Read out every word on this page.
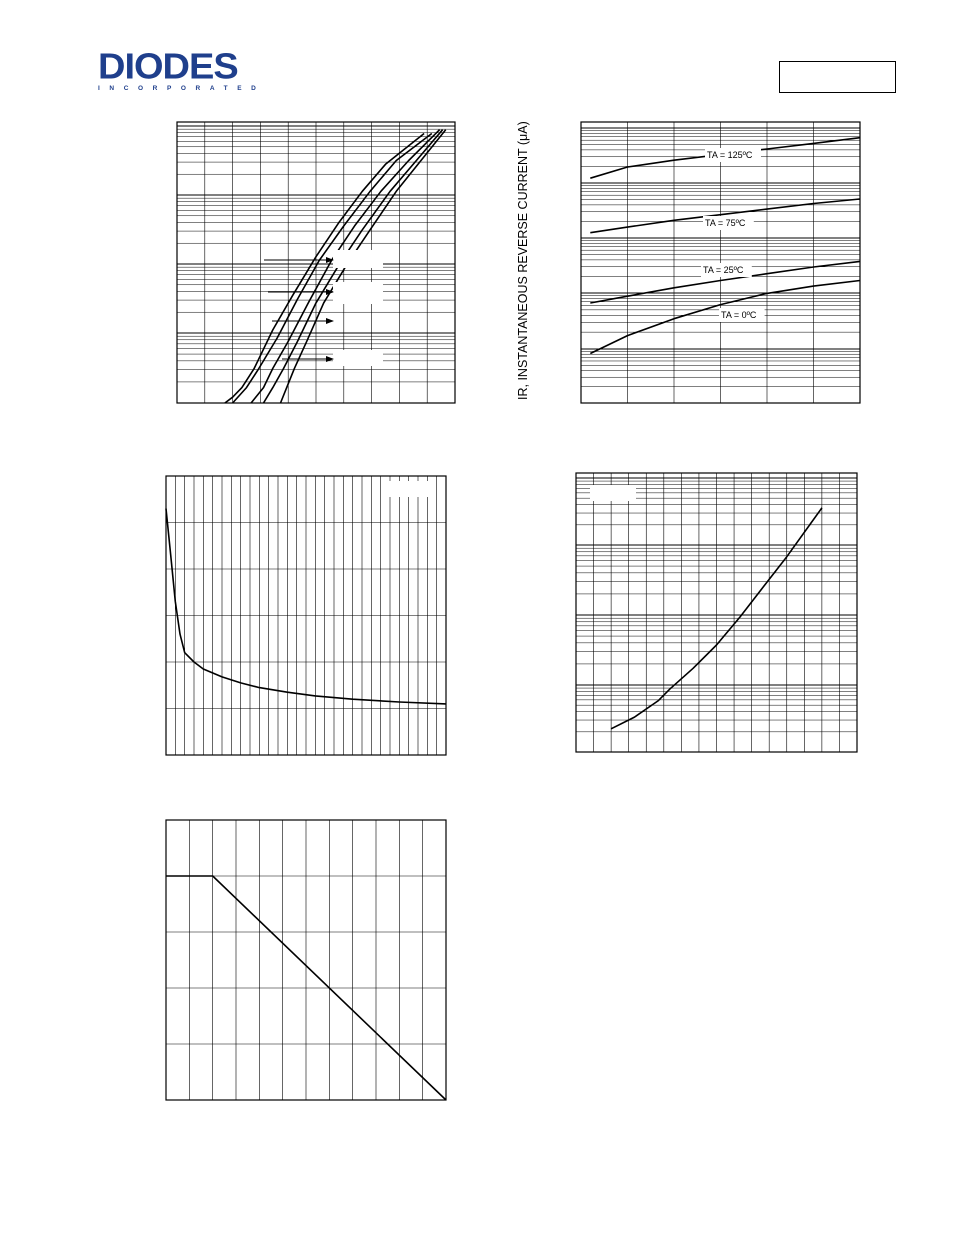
DIODES
INCORPORATED
IR, INSTANTANEOUS REVERSE CURRENT (μA)	TA = 125ºC
TA = 75ºC
TA = 25ºC
TA = 0ºC
